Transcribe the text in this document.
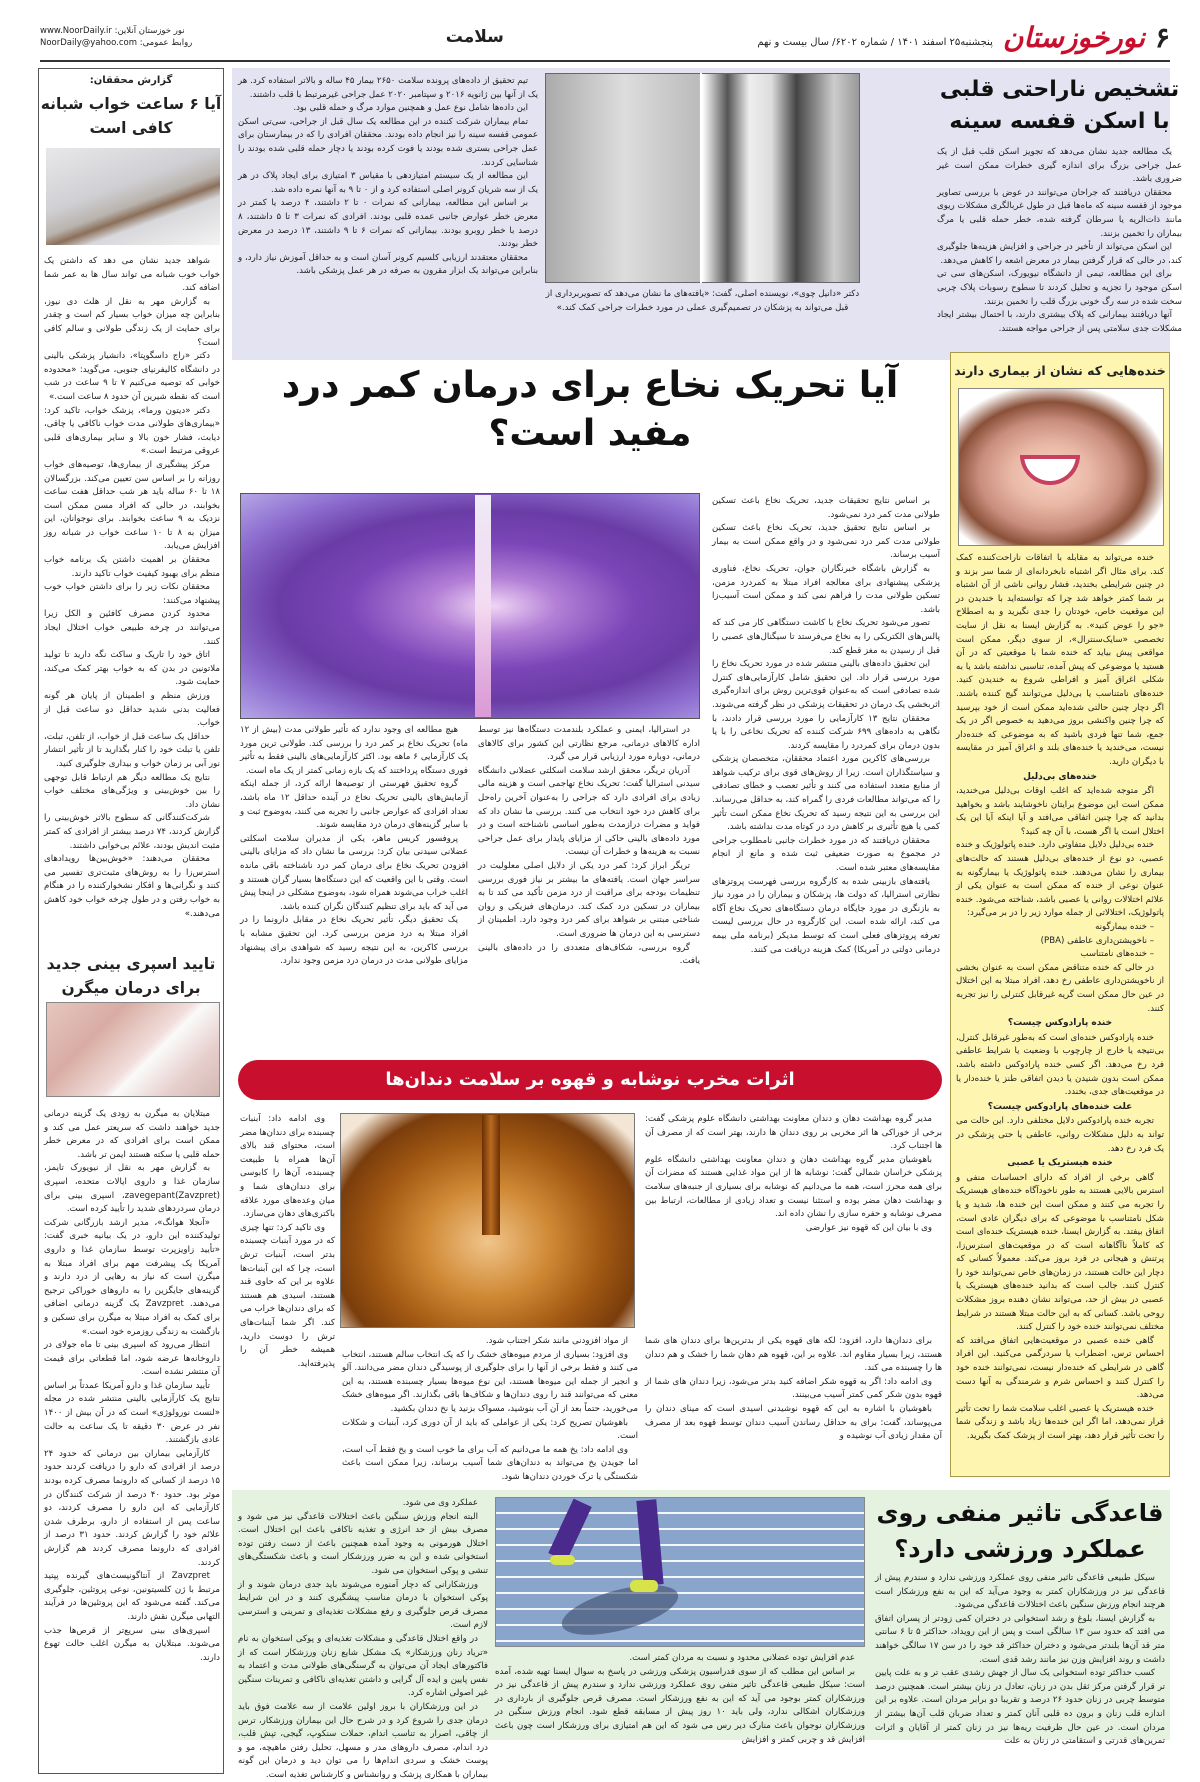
۶
نورخوزستان
پنجشنبه۲۵ اسفند ۱۴۰۱ / شماره ۶۲۰۲/ سال بیست و نهم
سلامت
نور خوزستان آنلاین: www.NoorDaily.ir
روابط عمومی: NoorDaily@yahoo.com
تشخیص ناراحتی قلبی با اسکن قفسه سینه

یک مطالعه جدید نشان می‌دهد که تجویز اسکن قلب قبل از یک عمل جراحی بزرگ برای اندازه گیری خطرات ممکن است غیر ضروری باشد.

محققان دریافتند که جراحان می‌توانند در عوض با بررسی تصاویر موجود از قفسه سینه که ماه‌ها قبل در طول غربالگری مشکلات ریوی مانند ذات‌الریه یا سرطان گرفته شده، خطر حمله قلبی یا مرگ بیماران را تخمین بزنند.

این اسکن می‌تواند از تأخیر در جراحی و افزایش هزینه‌ها جلوگیری کند، در حالی که قرار گرفتن بیمار در معرض اشعه را کاهش می‌دهد.

برای این مطالعه، تیمی از دانشگاه نیویورک، اسکن‌های سی تی اسکن موجود را تجزیه و تحلیل کردند تا سطوح رسوبات پلاک چربی سخت شده در سه رگ خونی بزرگ قلب را تخمین بزنند.

آنها دریافتند بیمارانی که پلاک بیشتری دارند، با احتمال بیشتر ایجاد مشکلات جدی سلامتی پس از جراحی مواجه هستند.

دکتر «دانیل چوی»، نویسنده اصلی، گفت: «یافته‌های ما نشان می‌دهد که تصویربرداری از قبل می‌تواند به پزشکان در تصمیم‌گیری عملی در مورد خطرات جراحی کمک کند.»

تیم تحقیق از داده‌های پرونده سلامت ۲۶۵۰ بیمار ۴۵ ساله و بالاتر استفاده کرد. هر یک از آنها بین ژانویه ۲۰۱۶ و سپتامبر ۲۰۲۰ عمل جراحی غیرمرتبط با قلب داشتند.

این داده‌ها شامل نوع عمل و همچنین موارد مرگ و حمله قلبی بود.

تمام بیماران شرکت کننده در این مطالعه یک سال قبل از جراحی، سی‌تی اسکن عمومی قفسه سینه را نیز انجام داده بودند. محققان افرادی را که در بیمارستان برای عمل جراحی بستری شده بودند یا فوت کرده بودند یا دچار حمله قلبی شده بودند را شناسایی کردند.

این مطالعه از یک سیستم امتیازدهی با مقیاس ۳ امتیازی برای ایجاد پلاک در هر یک از سه شریان کرونر اصلی استفاده کرد و از ۰ تا ۹ به آنها نمره داده شد.

بر اساس این مطالعه، بیمارانی که نمرات ۰ تا ۲ داشتند، ۴ درصد یا کمتر در معرض خطر عوارض جانبی عمده قلبی بودند. افرادی که نمرات ۳ تا ۵ داشتند، ۸ درصد با خطر روبرو بودند. بیمارانی که نمرات ۶ تا ۹ داشتند، ۱۳ درصد در معرض خطر بودند.

محققان معتقدند ارزیابی کلسیم کرونر آسان است و به حداقل آموزش نیاز دارد، و بنابراین می‌تواند یک ابزار مقرون به صرفه در هر عمل پزشکی باشد.

گزارش محققان:
آیا ۶ ساعت خواب شبانه کافی است

شواهد جدید نشان می دهد که داشتن یک خواب خوب شبانه می تواند سال ها به عمر شما اضافه کند.

به گزارش مهر به نقل از هلث دی نیوز، بنابراین چه میزان خواب بسیار کم است و چقدر برای حمایت از یک زندگی طولانی و سالم کافی است؟

دکتر «راج داسگوپتا»، دانشیار پزشکی بالینی در دانشگاه کالیفرنیای جنوبی، می‌گوید: «محدوده خوابی که توصیه می‌کنیم ۷ تا ۹ ساعت در شب است که نقطه شیرین آن حدود ۸ ساعت است.»

دکتر «دیتون ورما»، پزشک خواب، تاکید کرد: «بیماری‌های طولانی مدت خواب ناکافی یا چاقی، دیابت، فشار خون بالا و سایر بیماری‌های قلبی عروقی مرتبط است.»

مرکز پیشگیری از بیماری‌ها، توصیه‌های خواب روزانه را بر اساس سن تعیین می‌کند. بزرگسالان ۱۸ تا ۶۰ ساله باید هر شب حداقل هفت ساعت بخوابند، در حالی که افراد مسن ممکن است نزدیک به ۹ ساعت بخوابند. برای نوجوانان، این میزان به ۸ تا ۱۰ ساعت خواب در شبانه روز افزایش می‌یابد.

محققان بر اهمیت داشتن یک برنامه خواب منظم برای بهبود کیفیت خواب تاکید دارند.

محققان نکات زیر را برای داشتن خواب خوب پیشنهاد می‌کنند:

محدود کردن مصرف کافئین و الکل زیرا می‌توانند در چرخه طبیعی خواب اختلال ایجاد کنند.

اتاق خود را تاریک و ساکت نگه دارید تا تولید ملاتونین در بدن که به خواب بهتر کمک می‌کند، حمایت شود.

ورزش منظم و اطمینان از پایان هر گونه فعالیت بدنی شدید حداقل دو ساعت قبل از خواب.

حداقل یک ساعت قبل از خواب، از تلفن، تبلت، تلفن یا تبلت خود را کنار بگذارید تا از تأثیر انتشار نور آبی بر زمان خواب و بیداری جلوگیری کنید.

نتایج یک مطالعه دیگر هم ارتباط قابل توجهی را بین خوش‌بینی و ویژگی‌های مختلف خواب نشان داد.

شرکت‌کنندگانی که سطوح بالاتر خوش‌بینی را گزارش کردند، ۷۴ درصد بیشتر از افرادی که کمتر مثبت اندیش بودند، علائم بی‌خوابی داشتند.

محققان می‌دهند: «خوش‌بین‌ها رویدادهای استرس‌زا را به روش‌های مثبت‌تری تفسیر می کنند و نگرانی‌ها و افکار نشخوارکننده را در هنگام به خواب رفتن و در طول چرخه خواب خود کاهش می‌دهند.»

تایید اسپری بینی جدید برای درمان میگرن

مبتلایان به میگرن به زودی یک گزینه درمانی جدید خواهند داشت که سریعتر عمل می کند و ممکن است برای افرادی که در معرض خطر حمله قلبی یا سکته هستند ایمن تر باشد.

به گزارش مهر به نقل از نیویورک تایمز، سازمان غذا و داروی ایالات متحده، اسپری (Zavzpret)zavegepant، اسپری بینی برای درمان سردردهای شدید را تأیید کرده است.

«آنجلا هوانگ»، مدیر ارشد بازرگانی شرکت تولیدکننده این دارو، در یک بیانیه خبری گفت: «تأیید زاویزپرت توسط سازمان غذا و داروی آمریکا یک پیشرفت مهم برای افراد مبتلا به میگرن است که نیاز به رهایی از درد دارند و گزینه‌های جایگزین را به داروهای خوراکی ترجیح می‌دهند. Zavzpret یک گزینه درمانی اضافی برای کمک به افراد مبتلا به میگرن برای تسکین و بازگشت به زندگی روزمره خود است.»

انتظار می‌رود که اسپری بینی تا ماه جولای در داروخانه‌ها عرضه شود، اما قطعاتی برای قیمت آن منتشر نشده است.

تأیید سازمان غذا و دارو آمریکا عمدتاً بر اساس نتایج یک کارآزمایی بالینی منتشر شده در مجله «لنست نورولوژی» است که در آن بیش از ۱۴۰۰ نفر در عرض ۳۰ دقیقه تا یک ساعت به حالت عادی بازگشتند.

کارآزمایی بیماران بین درمانی که حدود ۲۴ درصد از افرادی که دارو را دریافت کردند حدود ۱۵ درصد از کسانی که دارونما مصرف کرده بودند موثر بود. حدود ۴۰ درصد از شرکت کنندگان در کارآزمایی که این دارو را مصرف کردند، دو ساعت پس از استفاده از دارو، برطرف شدن علائم خود را گزارش کردند. حدود ۳۱ درصد از افرادی که دارونما مصرف کردند هم گزارش کردند.

Zavzpret از آنتاگونیست‌های گیرنده پپتید مرتبط با ژن کلسیتونین، نوعی پروتئین، جلوگیری می‌کند. گفته می‌شود که این پروتئین‌ها در فرآیند التهابی میگرن نقش دارند.

اسپری‌های بینی سریع‌تر از قرص‌ها جذب می‌شوند. مبتلایان به میگرن اغلب حالت تهوع دارند.

آیا تحریک نخاع برای درمان کمر درد مفید است؟

بر اساس نتایج تحقیقات جدید، تحریک نخاع باعث تسکین طولانی مدت کمر درد نمی‌شود.

بر اساس نتایج تحقیق جدید، تحریک نخاع باعث تسکین طولانی مدت کمر درد نمی‌شود و در واقع ممکن است به بیمار آسیب برساند.

به گزارش باشگاه خبرنگاران جوان، تحریک نخاع، فناوری پزشکی پیشنهادی برای معالجه افراد مبتلا به کمردرد مزمن، تسکین طولانی مدت را فراهم نمی کند و ممکن است آسیب‌زا باشد.

تصور می‌شود تحریک نخاع با کاشت دستگاهی کار می کند که پالس‌های الکتریکی را به نخاع می‌فرستد تا سیگنال‌های عصبی را قبل از رسیدن به مغز قطع کند.

این تحقیق داده‌های بالینی منتشر شده در مورد تحریک نخاع را مورد بررسی قرار داد. این تحقیق شامل کارآزمایی‌های کنترل شده تصادفی است که به‌عنوان قوی‌ترین روش برای اندازه‌گیری اثربخشی یک درمان در تحقیقات پزشکی در نظر گرفته می‌شوند.

محققان نتایج ۱۳ کارآزمایی را مورد بررسی قرار دادند، با نگاهی به داده‌های ۶۹۹ شرکت کننده که تحریک نخاعی را با یا بدون درمان برای کمردرد را مقایسه کردند.

بررسی‌های کاکرین مورد اعتماد محققان، متخصصان پزشکی و سیاستگذاران است. زیرا از روش‌های قوی برای ترکیب شواهد از منابع متعدد استفاده می کنند و تأثیر تعصب و خطای تصادفی را که می‌تواند مطالعات فردی را گمراه کند، به حداقل می‌رساند. این بررسی به این نتیجه رسید که تحریک نخاع ممکن است تأثیر کمی یا هیچ تأثیری بر کاهش درد در کوتاه مدت نداشته باشد.

محققان دریافتند که در مورد خطرات جانبی نامطلوب جراحی در مجموع به صورت ضعیفی ثبت شده و مانع از انجام مقایسه‌های معتبر شده است.

یافته‌های بازبینی شده به کارگروه بررسی فهرست پروتزهای نظارتی استرالیا، که دولت ها، پزشکان و بیماران را در مورد نیاز به بازنگری در مورد جایگاه درمان دستگاه‌های تحریک نخاع آگاه می کند، ارائه شده است. این کارگروه در حال بررسی لیست تعرفه پروتزهای فعلی است که توسط مدیکر (برنامه ملی بیمه درمانی دولتی در آمریکا) کمک هزینه دریافت می کنند.

در استرالیا، ایمنی و عملکرد بلندمدت دستگاه‌ها نیز توسط اداره کالاهای درمانی، مرجع نظارتی این کشور برای کالاهای درمانی، دوباره مورد ارزیابی قرار می گیرد.

آدریان تریگر، محقق ارشد سلامت اسکلتی عضلانی دانشگاه سیدنی استرالیا گفت: تحریک نخاع تهاجمی است و هزینه مالی زیادی برای افرادی دارد که جراحی را به‌عنوان آخرین راه‌حل برای کاهش درد خود انتخاب می کنند. بررسی ما نشان داد که فواید و مضرات درازمدت به‌طور اساسی ناشناخته است و در مورد داده‌های بالینی حاکی از مزایای پایدار برای عمل جراحی نسبت به هزینه‌ها و خطرات آن نیست.

تریگر ابراز کرد: کمر درد یکی از دلایل اصلی معلولیت در سراسر جهان است. یافته‌های ما بیشتر بر نیاز فوری بررسی تنظیمات بودجه برای مراقبت از درد مزمن تأکید می کند تا به بیماران در تسکین درد کمک کند. درمان‌های فیزیکی و روان شناختی مبتنی بر شواهد برای کمر درد وجود دارد. اطمینان از دسترسی به این درمان ها ضروری است.

گروه بررسی، شکاف‌های متعددی را در داده‌های بالینی یافت.

هیچ مطالعه ای وجود ندارد که تأثیر طولانی مدت (بیش از ۱۲ ماه) تحریک نخاع بر کمر درد را بررسی کند. طولانی ترین مورد یک کارآزمایی ۶ ماهه بود. اکثر کارآزمایی‌های بالینی فقط به تأثیر فوری دستگاه پرداختند که یک بازه زمانی کمتر از یک ماه است.

گروه تحقیق فهرستی از توصیه‌ها ارائه کرد، از جمله اینکه آزمایش‌های بالینی تحریک نخاع در آینده حداقل ۱۲ ماه باشد، تعداد افرادی که عوارض جانبی را تجربه می کنند، به‌وضوح ثبت و با سایر گزینه‌های درمان درد مقایسه شوند.

پروفسور کریس ماهر، یکی از مدیران سلامت اسکلتی عضلانی سیدنی بیان کرد: بررسی ما نشان داد که مزایای بالینی افزودن تحریک نخاع برای درمان کمر درد ناشناخته باقی مانده است. وقتی با این واقعیت که این دستگاه‌ها بسیار گران هستند و اغلب خراب می‌شوند همراه شود، به‌وضوح مشکلی در اینجا پیش می آید که باید برای تنظیم کنندگان نگران کننده باشد.

یک تحقیق دیگر، تأثیر تحریک نخاع در مقابل دارونما را در افراد مبتلا به درد مزمن بررسی کرد. این تحقیق مشابه با بررسی کاکرین، به این نتیجه رسید که شواهدی برای پیشنهاد مزایای طولانی مدت در درمان درد مزمن وجود ندارد.

خنده‌هایی که نشان از بیماری دارند

خنده می‌تواند به مقابله با اتفاقات ناراحت‌کننده کمک کند. برای مثال اگر اشتباه نابخردانه‌ای از شما سر بزند و در چنین شرایطی بخندید، فشار روانی ناشی از آن اشتباه بر شما کمتر خواهد شد چرا که توانسته‌اید با خندیدن در این موقعیت خاص، خودتان را جدی نگیرید و به اصطلاح «جو را عوض کنید». به گزارش ایسنا به نقل از سایت تخصصی «سایک‌سنترال»، از سوی دیگر، ممکن است مواقعی پیش بیاید که خنده شما با موقعیتی که در آن هستید یا موضوعی که پیش آمده، تناسبی نداشته باشد یا به شکلی اغراق آمیز و افراطی شروع به خندیدن کنید. خنده‌های نامتناسب یا بی‌دلیل می‌توانند گیج کننده باشند. اگر دچار چنین حالتی شده‌اید ممکن است از خود بپرسید که چرا چنین واکنشی بروز می‌دهید به خصوص اگر در یک جمع، شما تنها فردی باشید که به موضوعی که خنده‌دار نیست، می‌خندید یا خنده‌های بلند و اغراق آمیز در مقایسه با دیگران دارید.

خنده‌های بی‌دلیل

اگر متوجه شده‌اید که اغلب اوقات بی‌دلیل می‌خندید، ممکن است این موضوع برایتان ناخوشایند باشد و بخواهید بدانید که چرا چنین اتفاقی می‌افتد و آیا اینکه آیا این یک اختلال است یا اگر هست، با آن چه کنید؟

خنده بی‌دلیل دلایل متفاوتی دارد. خنده پاتولوژیک و خنده عصبی، دو نوع از خنده‌های بی‌دلیل هستند که حالت‌های بیماری را نشان می‌دهند. خنده پاتولوژیک یا بیمارگونه به عنوان نوعی از خنده که ممکن است به عنوان یکی از علائم اختلالات روانی یا عصبی باشد، شناخته می‌شود. خنده پاتولوژیک، اختلالاتی از جمله موارد زیر را در بر می‌گیرد:

– خنده بیمارگونه

– ناخویشتن‌داری عاطفی (PBA)

– خنده‌های نامتناسب

در حالی که خنده متناقض ممکن است به عنوان بخشی از ناخویشتن‌داری عاطفی رخ دهد، افراد مبتلا به این اختلال در عین حال ممکن است گریه غیرقابل کنترلی را نیز تجربه کنند.

خنده پارادوکس چیست؟

خنده پارادوکس خنده‌ای است که به‌طور غیرقابل کنترل، بی‌نتیجه یا خارج از چارچوب با وضعیت یا شرایط عاطفی فرد رخ می‌دهد. اگر کسی خنده پارادوکس داشته باشد، ممکن است بدون شنیدن یا دیدن اتفاقی طنز یا خنده‌دار یا در موقعیت‌های جدی، بخندد.

علت خنده‌های پارادوکس چیست؟

تجربه خنده پارادوکس دلایل مختلفی دارد. این حالت می تواند به دلیل مشکلات روانی، عاطفی یا حتی پزشکی در یک فرد رخ دهد.

خنده هیستریک یا عصبی

گاهی برخی از افراد که دارای احساسات منفی و استرس بالایی هستند به طور ناخودآگاه خنده‌های هیستریک را تجربه می کنند و ممکن است این خنده ها، شدید و یا شکل نامتناسب با موضوعی که برای دیگران عادی است، اتفاق بیفتد. به گزارش ایسنا، خنده هیستریک خنده‌ای است که کاملاً ناآگاهانه است که در موقعیت‌های استرس‌زا، پرتنش و هیجانی در فرد بروز می‌کند. معمولاً کسانی که دچار این حالت هستند، در زمان‌های خاص نمی‌توانند خود را کنترل کنند. جالب است که بدانید خنده‌های هیستریک یا عصبی در بیش از حد، می‌تواند نشان دهنده بروز مشکلات روحی باشد. کسانی که به این حالت مبتلا هستند در شرایط مختلف نمی‌توانند خنده خود را کنترل کنند.

گاهی خنده عصبی در موقعیت‌هایی اتفاق می‌افتد که احساس ترس، اضطراب یا سردرگمی می‌کنید. این افراد گاهی در شرایطی که خنده‌دار نیست، نمی‌توانند خنده خود را کنترل کنند و احساس شرم و شرمندگی به آنها دست می‌دهد.

خنده هیستریک یا عصبی اغلب سلامت شما را تحت تأثیر قرار نمی‌دهد، اما اگر این خنده‌ها زیاد باشد و زندگی شما را تحت تأثیر قرار دهد، بهتر است از پزشک کمک بگیرید.

اثرات مخرب نوشابه و قهوه بر سلامت دندان‌ها

مدیر گروه بهداشت دهان و دندان معاونت بهداشتی دانشگاه علوم پزشکی گفت: برخی از خوراکی ها اثر مخربی بر روی دندان ها دارند، بهتر است که از مصرف آن ها اجتناب کرد.

باهوشیان مدیر گروه بهداشت دهان و دندان معاونت بهداشتی دانشگاه علوم پزشکی خراسان شمالی گفت: نوشابه ها از این مواد غذایی هستند که مضرات آن برای همه محرز است، همه ما می‌دانیم که نوشابه برای بسیاری از جنبه‌های سلامت و بهداشت دهان مضر بوده و استثنا نیست و تعداد زیادی از مطالعات، ارتباط بین مصرف نوشابه و حفره سازی را نشان داده اند.

وی با بیان این که قهوه نیز عوارضی

برای دندان‌ها دارد، افزود: لکه های قهوه یکی از بدترین‌ها برای دندان های شما هستند، زیرا بسیار مقاوم اند. علاوه بر این، قهوه هم دهان شما را خشک و هم دندان ها را چسبنده می کند.

وی ادامه داد: اگر به قهوه شکر اضافه کنید بدتر می‌شود، زیرا دندان های شما از قهوه بدون شکر کمی کمتر آسیب می‌بینند.

باهوشیان با اشاره به این که قهوه نوشیدنی اسیدی است که مینای دندان را می‌پوساند، گفت: برای به حداقل رساندن آسیب دندان توسط قهوه بعد از مصرف آن مقدار زیادی آب نوشیده و

از مواد افزودنی مانند شکر اجتناب شود.

وی افزود: بسیاری از مردم میوه‌های خشک را که یک انتخاب سالم هستند، انتخاب می کنند و فقط برخی از آنها را برای جلوگیری از پوسیدگی دندان مضر می‌دانند. آلو و انجیر از جمله این میوه‌ها هستند، این نوع میوه‌ها بسیار چسبنده هستند، به این معنی که می‌توانند قند را روی دندان‌ها و شکاف‌ها باقی بگذارند. اگر میوه‌های خشک می‌خورید، حتماً بعد از آن آب بنوشید، مسواک بزنید یا نخ دندان بکشید.

باهوشیان تصریح کرد: یکی از عواملی که باید از آن دوری کرد، آبنبات و شکلات است.

وی ادامه داد: یخ همه ما می‌دانیم که آب برای ما خوب است و یخ فقط آب است، اما جویدن یخ می‌تواند به دندان‌های شما آسیب برساند، زیرا ممکن است باعث شکستگی یا ترک خوردن دندان‌ها شود.

وی ادامه داد: آبنبات چسبنده برای دندان‌ها مضر است، محتوای قند بالای آن‌ها همراه با طبیعت چسبنده، آن‌ها را کابوسی برای دندان‌های شما و میان وعده‌های مورد علاقه باکتری‌های دهان می‌سازد.

وی تاکید کرد: تنها چیزی که در مورد آبنبات چسبنده بدتر است، آبنبات ترش است، چرا که این آبنبات‌ها علاوه بر این که حاوی قند هستند، اسیدی هم هستند که برای دندان‌ها خراب می کند. اگر شما آبنبات‌های ترش را دوست دارید، همیشه خطر آن را پذیرفته‌اید.

قاعدگی تاثیر منفی روی عملکرد ورزشی دارد؟

سیکل طبیعی قاعدگی تاثیر منفی روی عملکرد ورزشی ندارد و سندرم پیش از قاعدگی نیز در ورزشکاران کمتر به وجود می‌آید که این به نفع ورزشکار است هرچند انجام ورزش سنگین باعث اختلالات قاعدگی می‌شود.

به گزارش ایسنا، بلوغ و رشد استخوانی در دختران کمی زودتر از پسران اتفاق می افتد که حدود سن ۱۳ سالگی است و پس از این رویداد، حداکثر ۵ تا ۶ سانتی متر قد آن‌ها بلندتر می‌شود و دختران حداکثر قد خود را در سن ۱۷ سالگی خواهند داشت و روند افزایش وزن نیز مانند رشد قدی است.

کسب حداکثر توده استخوانی یک سال از جهش رشدی عقب تر و به علت پایین تر قرار گرفتن مرکز ثقل بدن در زنان، تعادل در زنان بیشتر است. همچنین درصد متوسط چربی در زنان حدود ۲۶ درصد و تقریبا دو برابر مردان است. علاوه بر این اندازه قلب زنان و برون ده قلبی آنان کمتر و تعداد ضربان قلب آن‌ها بیشتر از مردان است. در عین حال ظرفیت ریه‌ها نیز در زنان کمتر از آقایان و اثرات تمرین‌های قدرتی و استقامتی در زنان به علت

عدم افزایش توده عضلانی محدود و نسبت به مردان کمتر است.

بر اساس این مطلب که از سوی فدراسیون پزشکی ورزشی در پاسخ به سوال ایسنا تهیه شده، آمده است: سیکل طبیعی قاعدگی تاثیر منفی روی عملکرد ورزشی ندارد و سندرم پیش از قاعدگی نیز در ورزشکاران کمتر بوجود می آید که این به نفع ورزشکار است. مصرف قرص جلوگیری از بارداری در ورزشکاران اشکالی ندارد، ولی باید ۱۰ روز پیش از مسابقه قطع شود. انجام ورزش سنگین در ورزشکاران نوجوان باعث منارک دیر رس می شود که این هم امتیازی برای ورزشکار است چون باعث افزایش قد و چربی کمتر و افزایش

عملکرد وی می شود.

البته انجام ورزش سنگین باعث اختلالات قاعدگی نیز می شود و مصرف بیش از حد انرژی و تغذیه ناکافی باعث این اختلال است. اختلال هورمونی به وجود آمده همچنین باعث از دست رفتن توده استخوانی شده و این به ضرر ورزشکار است و باعث شکستگی‌های تنشی و پوکی استخوان می شود.

ورزشکارانی که دچار آمنوره می‌شوند باید جدی درمان شوند و از پوکی استخوان با درمان مناسب پیشگیری کنند و در این شرایط مصرف قرص جلوگیری و رفع مشکلات تغذیه‌ای و تمرینی و استرسی لازم است.

در واقع اختلال قاعدگی و مشکلات تغذیه‌ای و پوکی استخوان به نام «تریاد زنان ورزشکار» یک مشکل شایع زنان ورزشکار است که از فاکتورهای ایجاد آن می‌توان به گرسنگی‌های طولانی مدت و اعتماد به نفس پایین و ایده آل گرایی و داشتن تغذیه‌ای ناکافی و تمرینات سنگین غیر اصولی اشاره کرد.

در این ورزشکاران با بروز اولین علامت از سه علامت فوق باید درمان جدی را شروع کرد و در شرح حال این بیماران ورزشکار، ترس از چاقی، اصرار به تناسب اندام، حملات سنکوپ، گیجی، تپش قلب، درد اندام، مصرف داروهای مدر و مسهل، تحلیل رفتن ماهیچه، مو و پوست خشک و سردی اندام‌ها را می توان دید و درمان این گونه بیماران با همکاری پزشک و روانشناس و کارشناس تغذیه است.
